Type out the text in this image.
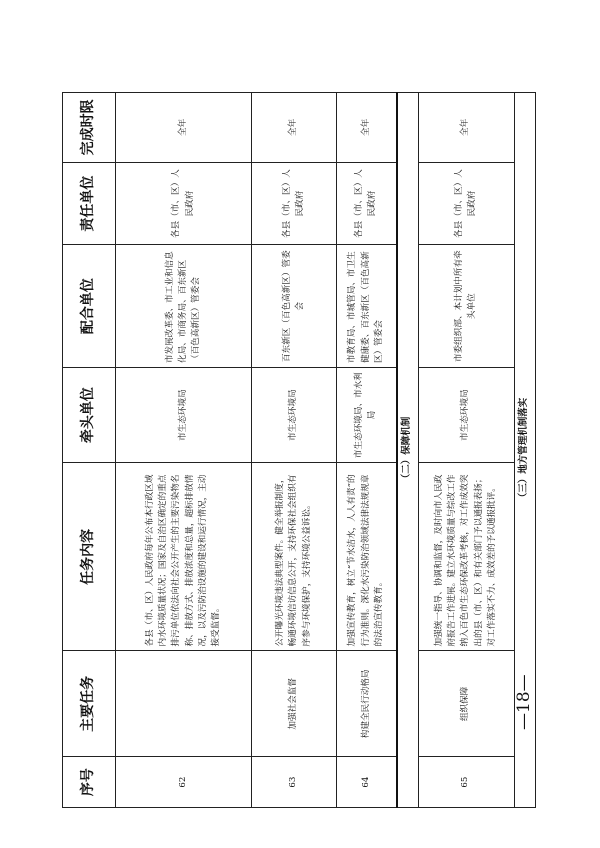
—18—
序号	主要任务	任务内容	牵头单位	配合单位	责任单位	完成时限
62		各县（市、区）人民政府每年公布本行政区域内水环境质量状况；国家及自治区确定的重点排污单位依法向社会公开产生的主要污染物名称、排放方式、排放浓度和总量，超标排放情况，以及污防治设施的建设和运行情况，主动接受监督。	市生态环境局	市发展改革委、市工业和信息化局、市商务局、百东新区（百色高新区）管委会	各县（市、区）人民政府	全年
63	加强社会监督	公开曝光环境违法典型案件。健全举报制度，畅通环境信访信息公开，支持环保社会组织有序参与环境保护，支持环境公益诉讼。	市生态环境局	百东新区（百色高新区）管委会	各县（市、区）人民政府	全年
64	构建全民行动格局	加强宣传教育，树立“节水洁水，人人有责”的行为准则。深化水污染防治领域法律法规规章的法治宣传教育。	市生态环境局、市水利局	市教育局、市城管局、市卫生健康委、百东新区（百色高新区）管委会	各县（市、区）人民政府	全年
（二）保障机制						
65	组织保障	加强统一指导、协调和监督，及时向市人民政府报告工作进展。建立水环境质量与综改工作纳入百色市生态环保改革考核，对工作成效突出的县（市、区）和有关部门予以通报表扬；对工作落实不力、成效差的予以通报批评。	市生态环境局	市委组织部、本计划中所有牵头单位	各县（市、区）人民政府	全年
（三）地方管理机制落实						
